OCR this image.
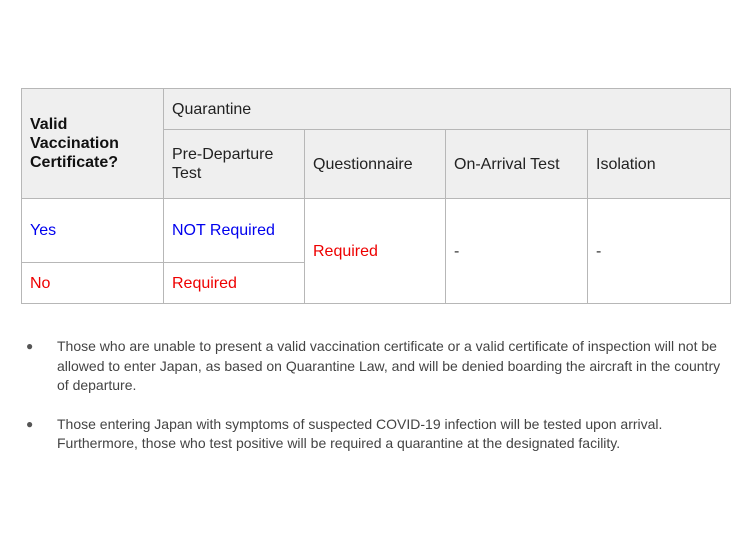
Valid Vaccination Certificate?	Quarantine			
	Pre-Departure Test	Questionnaire	On-Arrival Test	Isolation
Yes	NOT Required	Required	-	-
No	Required			
● Those who are unable to present a valid vaccination certificate or a valid certificate of inspection will not be allowed to enter Japan, as based on Quarantine Law, and will be denied boarding the aircraft in the country of departure.
● Those entering Japan with symptoms of suspected COVID-19 infection will be tested upon arrival. Furthermore, those who test positive will be required a quarantine at the designated facility.
